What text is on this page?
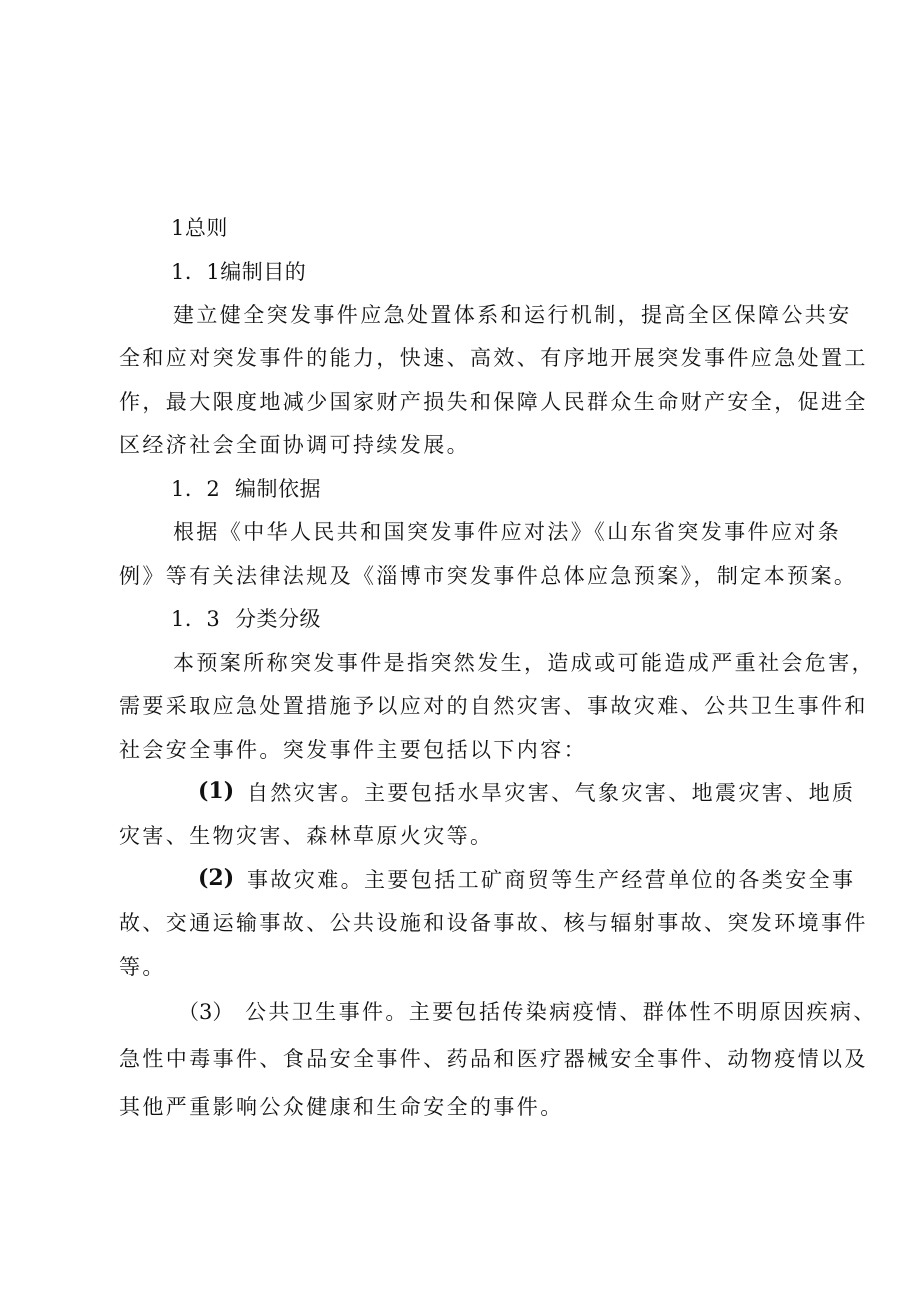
1总则
1．1编制目的
建立健全突发事件应急处置体系和运行机制，提高全区保障公共安
全和应对突发事件的能力，快速、高效、有序地开展突发事件应急处置工
作，最大限度地减少国家财产损失和保障人民群众生命财产安全，促进全
区经济社会全面协调可持续发展。
1．2 编制依据
根据《中华人民共和国突发事件应对法》《山东省突发事件应对条
例》等有关法律法规及《淄博市突发事件总体应急预案》，制定本预案。
1．3 分类分级
本预案所称突发事件是指突然发生，造成或可能造成严重社会危害，
需要采取应急处置措施予以应对的自然灾害、事故灾难、公共卫生事件和
社会安全事件。突发事件主要包括以下内容：
(1) 自然灾害。主要包括水旱灾害、气象灾害、地震灾害、地质
灾害、生物灾害、森林草原火灾等。
(2) 事故灾难。主要包括工矿商贸等生产经营单位的各类安全事
故、交通运输事故、公共设施和设备事故、核与辐射事故、突发环境事件
等。
（3） 公共卫生事件。主要包括传染病疫情、群体性不明原因疾病、
急性中毒事件、食品安全事件、药品和医疗器械安全事件、动物疫情以及
其他严重影响公众健康和生命安全的事件。
